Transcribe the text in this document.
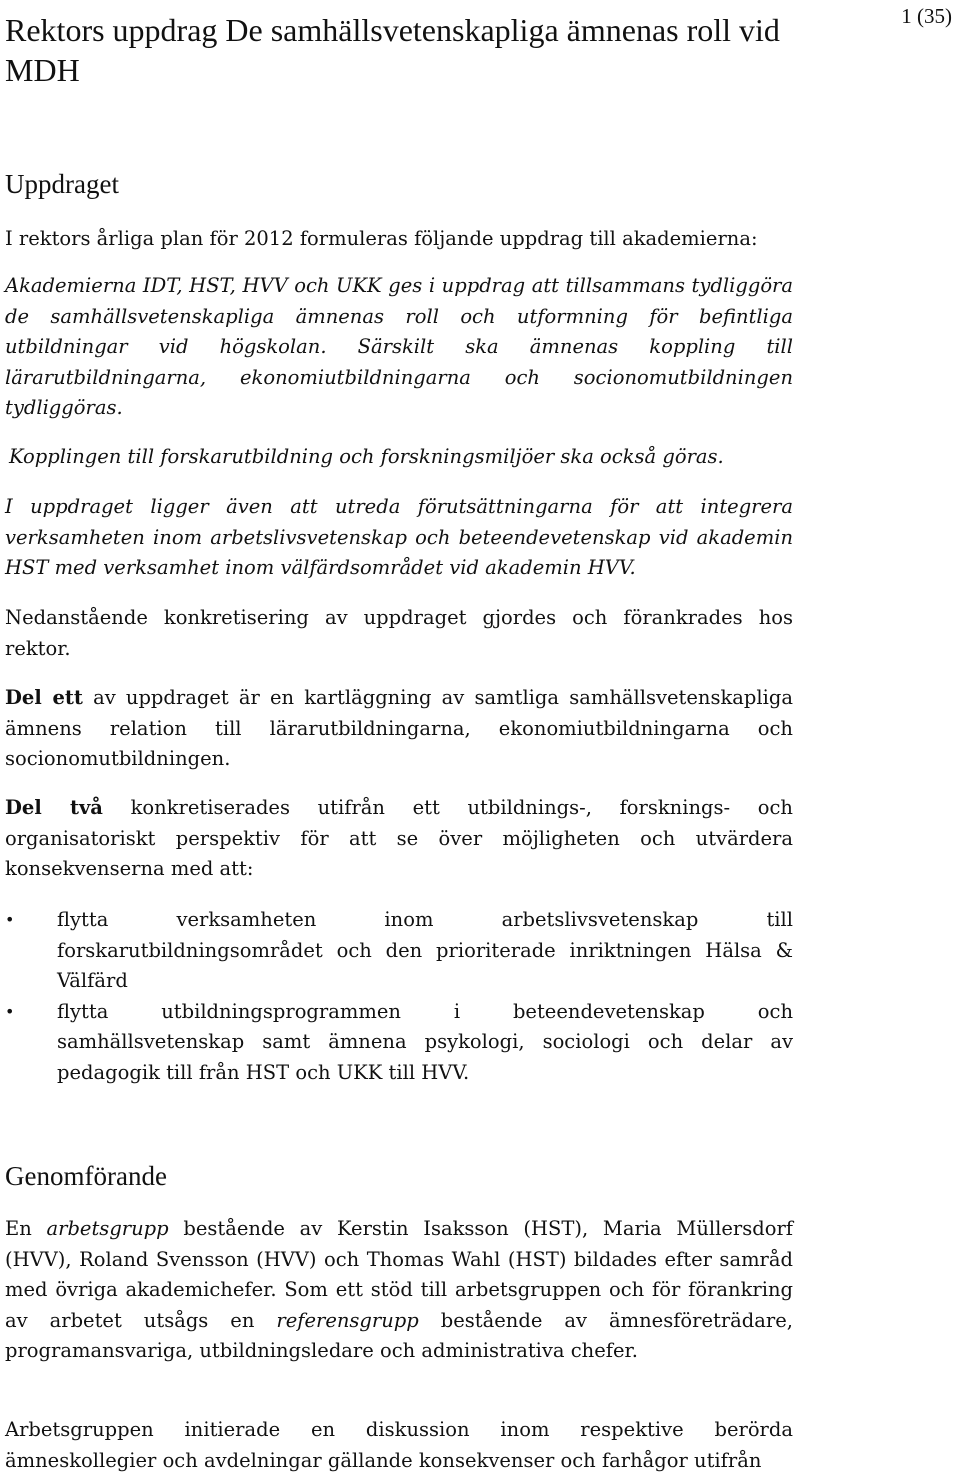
Rektors uppdrag De samhällsvetenskapliga ämnenas roll vid MDH
1 (35)
Uppdraget

I rektors årliga plan för 2012 formuleras följande uppdrag till akademierna:

Akademierna IDT, HST, HVV och UKK ges i uppdrag att tillsammans tydliggöra de samhällsvetenskapliga ämnenas roll och utformning för befintliga utbildningar vid högskolan. Särskilt ska ämnenas koppling till lärarutbildningarna, ekonomiutbildningarna och socionomutbildningen tydliggöras.

Kopplingen till forskarutbildning och forskningsmiljöer ska också göras.

I uppdraget ligger även att utreda förutsättningarna för att integrera verksamheten inom arbetslivsvetenskap och beteendevetenskap vid akademin HST med verksamhet inom välfärdsområdet vid akademin HVV.

Nedanstående konkretisering av uppdraget gjordes och förankrades hos rektor.

Del ett av uppdraget är en kartläggning av samtliga samhällsvetenskapliga ämnens relation till lärarutbildningarna, ekonomiutbildningarna och socionomutbildningen.

Del två konkretiserades utifrån ett utbildnings-, forsknings- och organisatoriskt perspektiv för att se över möjligheten och utvärdera konsekvenserna med att:

• flytta verksamheten inom arbetslivsvetenskap till forskarutbildningsområdet och den prioriterade inriktningen Hälsa & Välfärd
• flytta utbildningsprogrammen i beteendevetenskap och samhällsvetenskap samt ämnena psykologi, sociologi och delar av pedagogik till från HST och UKK till HVV.
Genomförande

En arbetsgrupp bestående av Kerstin Isaksson (HST), Maria Müllersdorf (HVV), Roland Svensson (HVV) och Thomas Wahl (HST) bildades efter samråd med övriga akademichefer. Som ett stöd till arbetsgruppen och för förankring av arbetet utsågs en referensgrupp bestående av ämnesföreträdare, programansvariga, utbildningsledare och administrativa chefer.

Arbetsgruppen initierade en diskussion inom respektive berörda ämneskollegier och avdelningar gällande konsekvenser och farhågor utifrån
